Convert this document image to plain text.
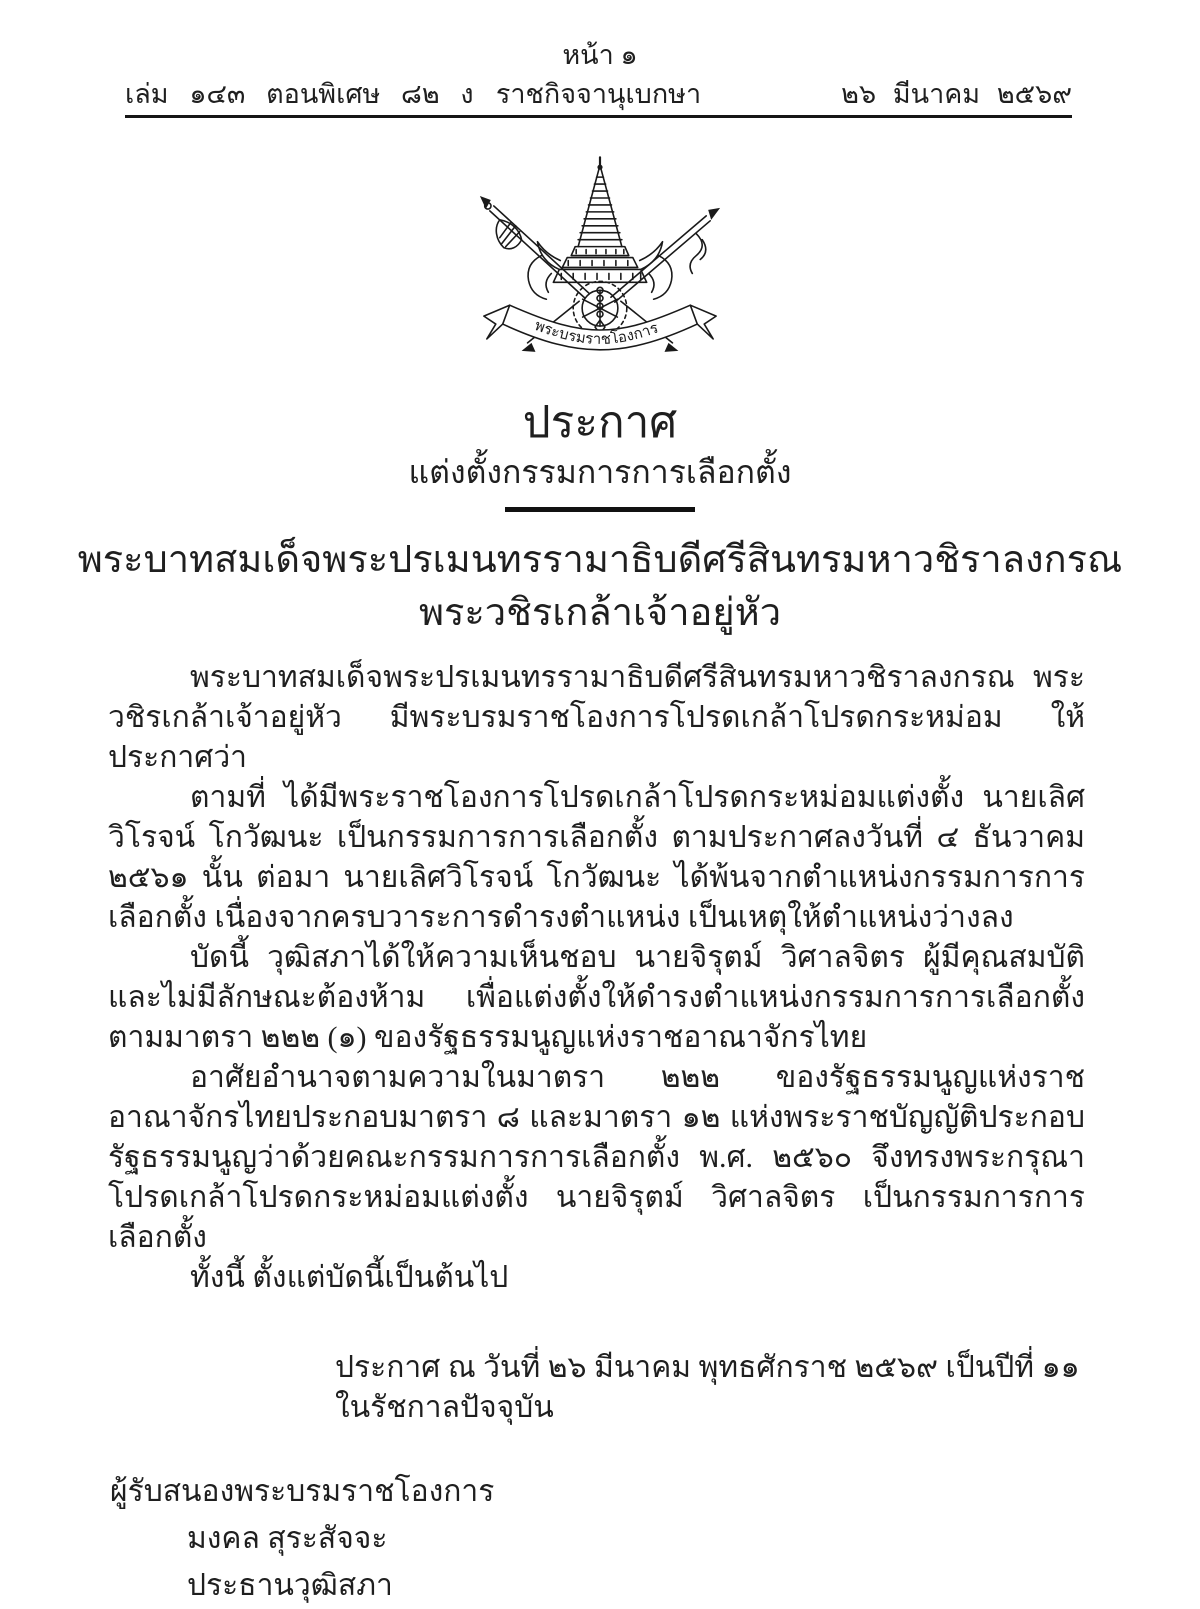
หน้า ๑
เล่ม ๑๔๓ ตอนพิเศษ ๘๒ ง ราชกิจจานุเบกษา	๒๖ มีนาคม ๒๕๖๙
พระบรมราชโองการ
ประกาศ
แต่งตั้งกรรมการการเลือกตั้ง
พระบาทสมเด็จพระปรเมนทรรามาธิบดีศรีสินทรมหาวชิราลงกรณ
พระวชิรเกล้าเจ้าอยู่หัว

พระบาทสมเด็จพระปรเมนทรรามาธิบดีศรีสินทรมหาวชิราลงกรณ พระวชิรเกล้าเจ้าอยู่หัว มีพระบรมราชโองการโปรดเกล้าโปรดกระหม่อม ให้ประกาศว่า

ตามที่ ได้มีพระราชโองการโปรดเกล้าโปรดกระหม่อมแต่งตั้ง นายเลิศวิโรจน์ โกวัฒนะ เป็นกรรมการการเลือกตั้ง ตามประกาศลงวันที่ ๔ ธันวาคม ๒๕๖๑ นั้น ต่อมา นายเลิศวิโรจน์ โกวัฒนะ ได้พ้นจากตำแหน่งกรรมการการเลือกตั้ง เนื่องจากครบวาระการดำรงตำแหน่ง เป็นเหตุให้ตำแหน่งว่างลง

บัดนี้ วุฒิสภาได้ให้ความเห็นชอบ นายจิรุตม์ วิศาลจิตร ผู้มีคุณสมบัติและไม่มีลักษณะต้องห้าม เพื่อแต่งตั้งให้ดำรงตำแหน่งกรรมการการเลือกตั้ง ตามมาตรา ๒๒๒ (๑) ของรัฐธรรมนูญแห่งราชอาณาจักรไทย

อาศัยอำนาจตามความในมาตรา ๒๒๒ ของรัฐธรรมนูญแห่งราชอาณาจักรไทยประกอบมาตรา ๘ และมาตรา ๑๒ แห่งพระราชบัญญัติประกอบรัฐธรรมนูญว่าด้วยคณะกรรมการการเลือกตั้ง พ.ศ. ๒๕๖๐ จึงทรงพระกรุณาโปรดเกล้าโปรดกระหม่อมแต่งตั้ง นายจิรุตม์ วิศาลจิตร เป็นกรรมการการเลือกตั้ง

ทั้งนี้ ตั้งแต่บัดนี้เป็นต้นไป

ประกาศ ณ วันที่ ๒๖ มีนาคม พุทธศักราช ๒๕๖๙ เป็นปีที่ ๑๑ ในรัชกาลปัจจุบัน
ผู้รับสนองพระบรมราชโองการ
มงคล สุระสัจจะ
ประธานวุฒิสภา
